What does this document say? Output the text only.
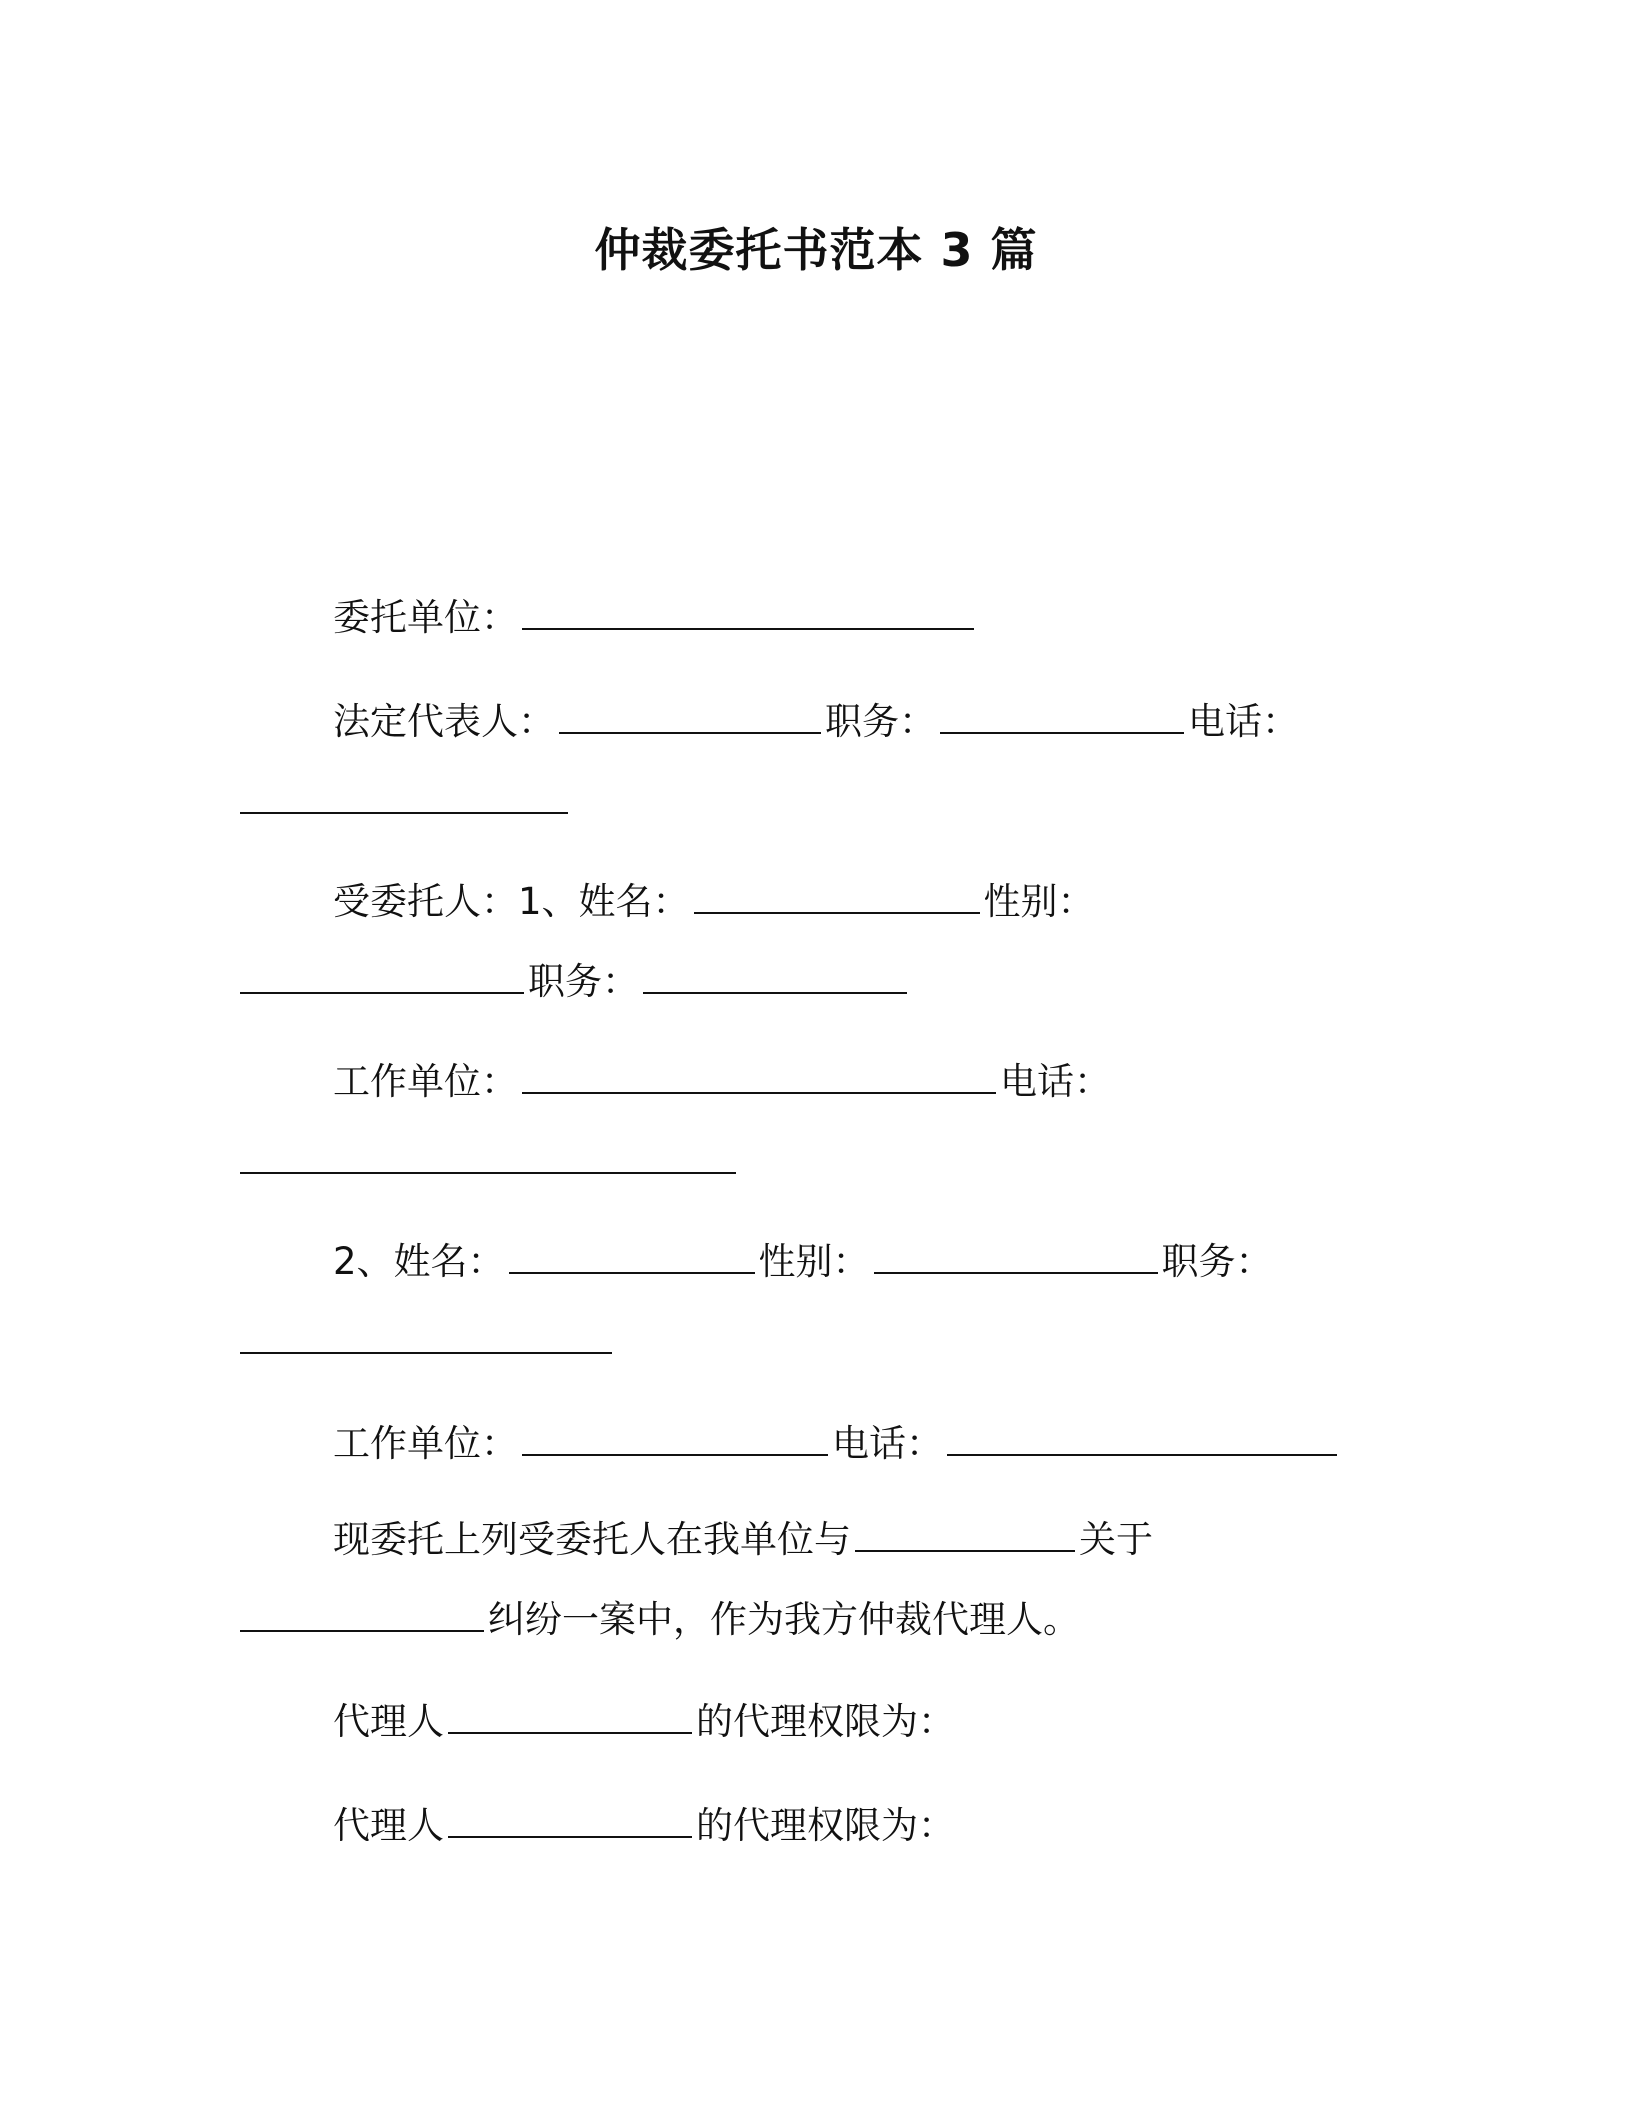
仲裁委托书范本 3 篇

委托单位：

法定代表人：	职务：	电话：

受委托人：1、姓名：	性别：

职务：

工作单位：	电话：

2、姓名：	性别：	职务：

工作单位：	电话：

现委托上列受委托人在我单位与	关于

纠纷一案中，作为我方仲裁代理人。

代理人	的代理权限为：

代理人	的代理权限为：
